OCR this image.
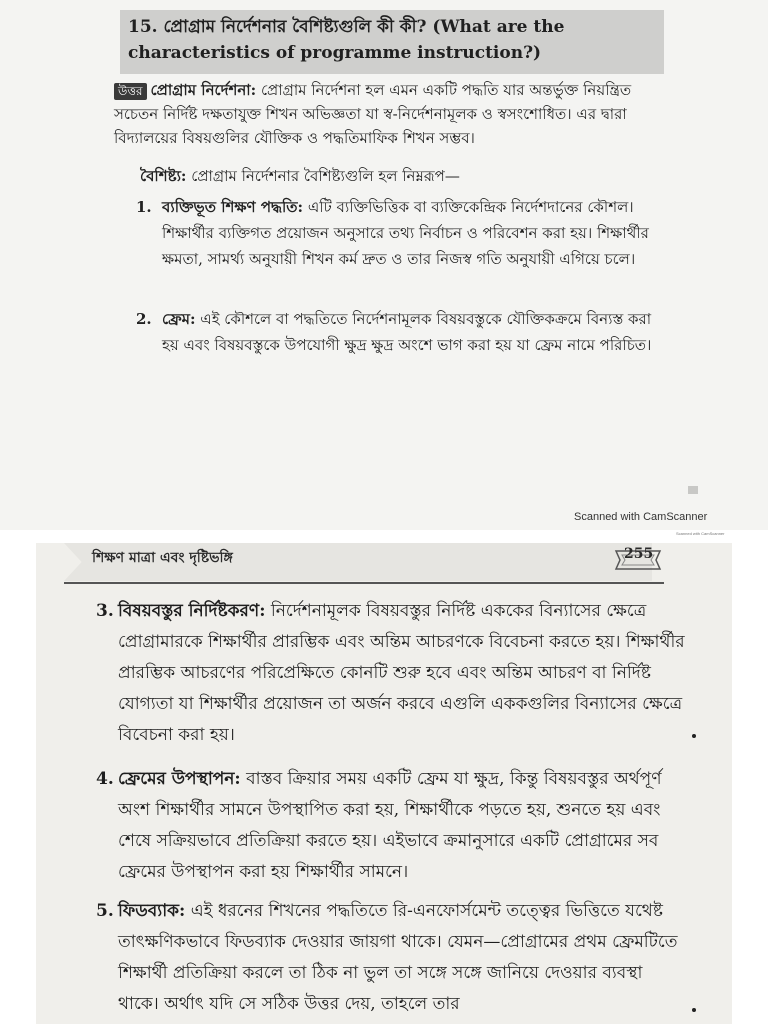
15. প্রোগ্রাম নির্দেশনার বৈশিষ্ট্যগুলি কী কী? (What are the characteristics of programme instruction?)
উত্তর প্রোগ্রাম নির্দেশনা: প্রোগ্রাম নির্দেশনা হল এমন একটি পদ্ধতি যার অন্তর্ভুক্ত নিয়ন্ত্রিত সচেতন নির্দিষ্ট দক্ষতাযুক্ত শিখন অভিজ্ঞতা যা স্ব-নির্দেশনামূলক ও স্বসংশোধিত। এর দ্বারা বিদ্যালয়ের বিষয়গুলির যৌক্তিক ও পদ্ধতিমাফিক শিখন সম্ভব।
বৈশিষ্ট্য: প্রোগ্রাম নির্দেশনার বৈশিষ্ট্যগুলি হল নিম্নরূপ—
1. ব্যক্তিভূত শিক্ষণ পদ্ধতি: এটি ব্যক্তিভিত্তিক বা ব্যক্তিকেন্দ্রিক নির্দেশদানের কৌশল। শিক্ষার্থীর ব্যক্তিগত প্রয়োজন অনুসারে তথ্য নির্বাচন ও পরিবেশন করা হয়। শিক্ষার্থীর ক্ষমতা, সামর্থ্য অনুযায়ী শিখন কর্ম দ্রুত ও তার নিজস্ব গতি অনুযায়ী এগিয়ে চলে।
2. ফ্রেম: এই কৌশলে বা পদ্ধতিতে নির্দেশনামূলক বিষয়বস্তুকে যৌক্তিকক্রমে বিন্যস্ত করা হয় এবং বিষয়বস্তুকে উপযোগী ক্ষুদ্র ক্ষুদ্র অংশে ভাগ করা হয় যা ফ্রেম নামে পরিচিত।
Scanned with CamScanner
Scanned with CamScanner
শিক্ষণ মাত্রা এবং দৃষ্টিভঙ্গি	255
3. বিষয়বস্তুর নির্দিষ্টকরণ: নির্দেশনামূলক বিষয়বস্তুর নির্দিষ্ট এককের বিন্যাসের ক্ষেত্রে প্রোগ্রামারকে শিক্ষার্থীর প্রারম্ভিক এবং অন্তিম আচরণকে বিবেচনা করতে হয়। শিক্ষার্থীর প্রারম্ভিক আচরণের পরিপ্রেক্ষিতে কোনটি শুরু হবে এবং অন্তিম আচরণ বা নির্দিষ্ট যোগ্যতা যা শিক্ষার্থীর প্রয়োজন তা অর্জন করবে এগুলি এককগুলির বিন্যাসের ক্ষেত্রে বিবেচনা করা হয়।
4. ফ্রেমের উপস্থাপন: বাস্তব ক্রিয়ার সময় একটি ফ্রেম যা ক্ষুদ্র, কিন্তু বিষয়বস্তুর অর্থপূর্ণ অংশ শিক্ষার্থীর সামনে উপস্থাপিত করা হয়, শিক্ষার্থীকে পড়তে হয়, শুনতে হয় এবং শেষে সক্রিয়ভাবে প্রতিক্রিয়া করতে হয়। এইভাবে ক্রমানুসারে একটি প্রোগ্রামের সব ফ্রেমের উপস্থাপন করা হয় শিক্ষার্থীর সামনে।
5. ফিডব্যাক: এই ধরনের শিখনের পদ্ধতিতে রি-এনফোর্সমেন্ট তত্ত্বের ভিত্তিতে যথেষ্ট তাৎক্ষণিকভাবে ফিডব্যাক দেওয়ার জায়গা থাকে। যেমন—প্রোগ্রামের প্রথম ফ্রেমটিতে শিক্ষার্থী প্রতিক্রিয়া করলে তা ঠিক না ভুল তা সঙ্গে সঙ্গে জানিয়ে দেওয়ার ব্যবস্থা থাকে। অর্থাৎ যদি সে সঠিক উত্তর দেয়, তাহলে তার
